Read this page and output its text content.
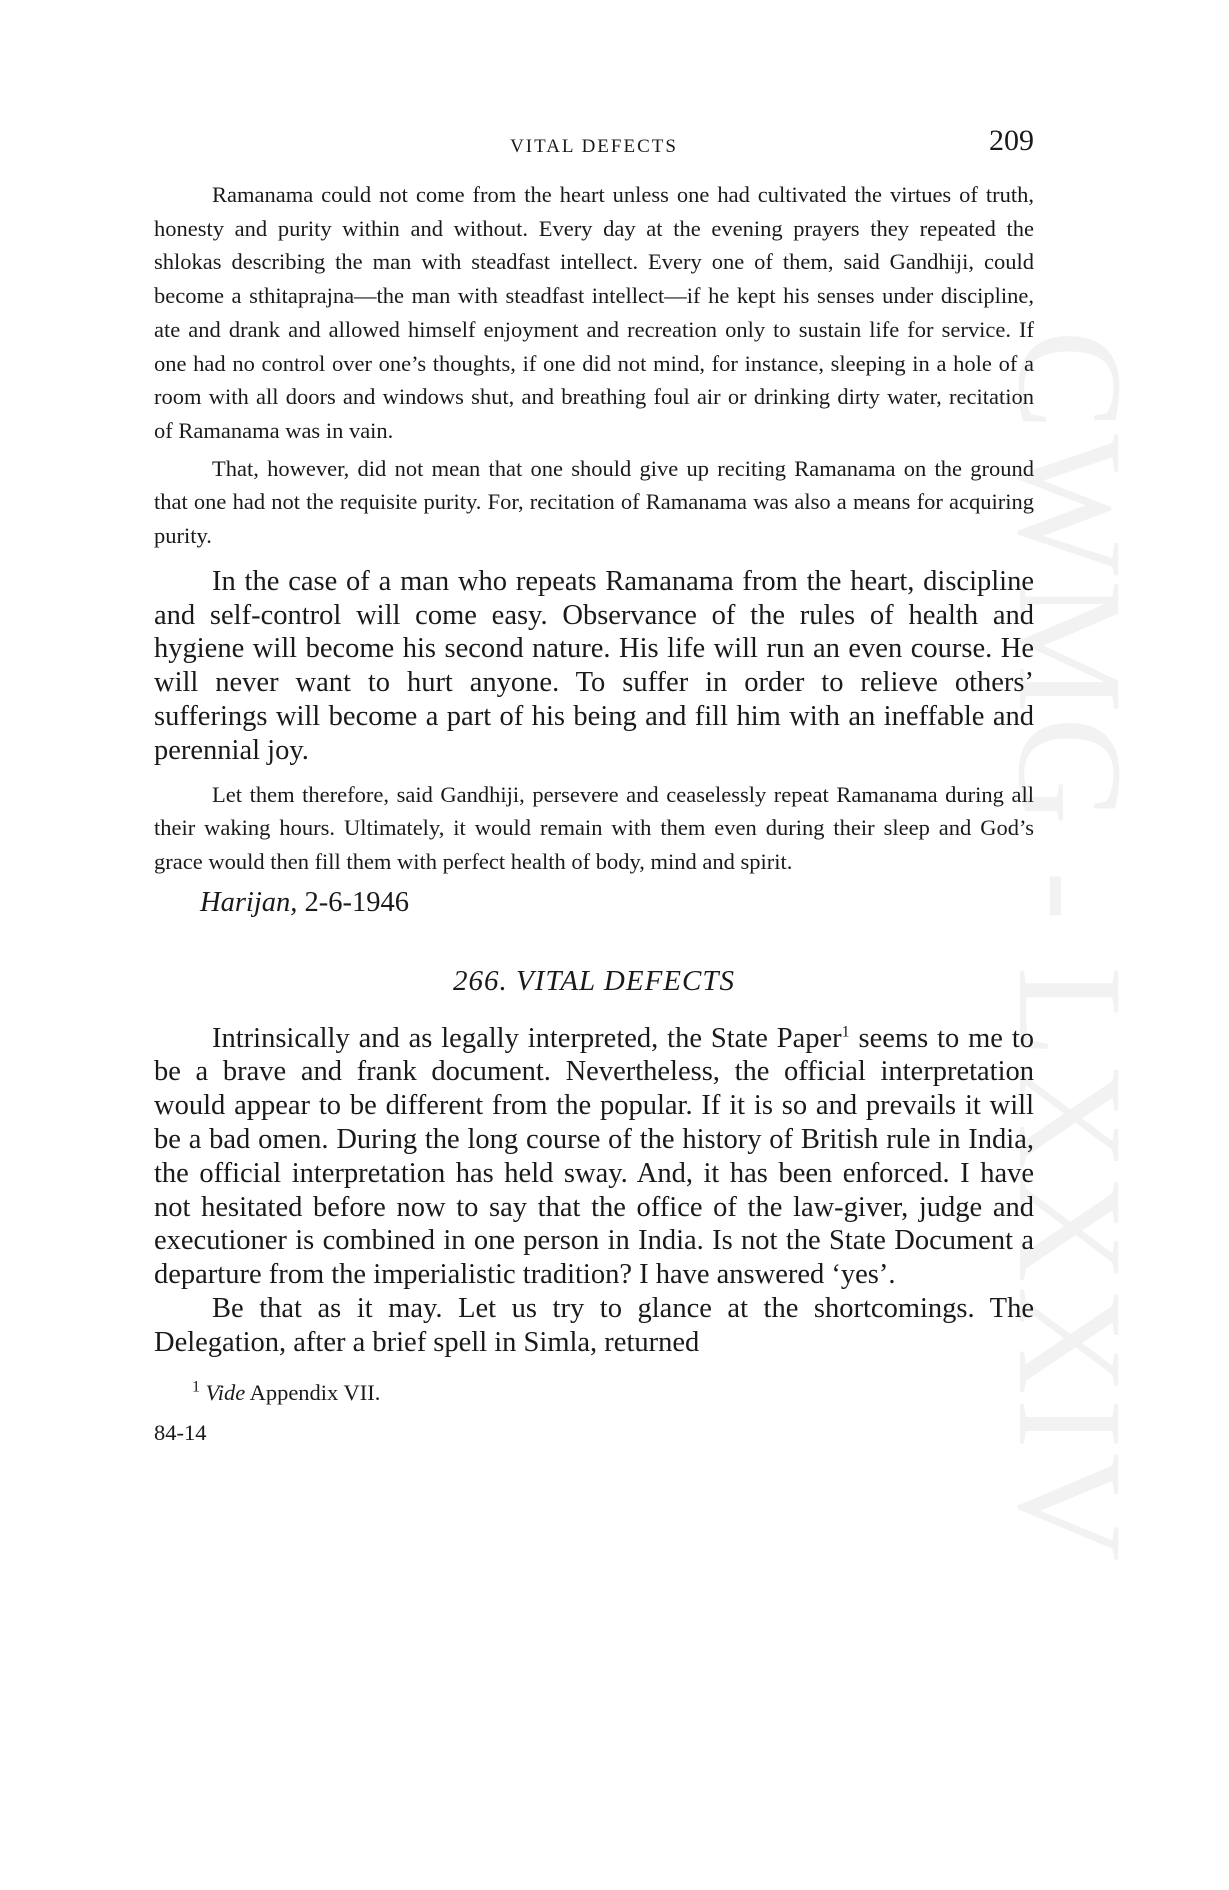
CWMG - LXXXIV
VITAL DEFECTS	209

Ramanama could not come from the heart unless one had cultivated the virtues of truth, honesty and purity within and without. Every day at the evening prayers they repeated the shlokas describing the man with steadfast intellect. Every one of them, said Gandhiji, could become a sthitaprajna—the man with steadfast intellect—if he kept his senses under discipline, ate and drank and allowed himself enjoyment and recreation only to sustain life for service. If one had no control over one’s thoughts, if one did not mind, for instance, sleeping in a hole of a room with all doors and windows shut, and breathing foul air or drinking dirty water, recitation of Ramanama was in vain.

That, however, did not mean that one should give up reciting Ramanama on the ground that one had not the requisite purity. For, recitation of Ramanama was also a means for acquiring purity.

In the case of a man who repeats Ramanama from the heart, discipline and self-control will come easy. Observance of the rules of health and hygiene will become his second nature. His life will run an even course. He will never want to hurt anyone. To suffer in order to relieve others’ sufferings will become a part of his being and fill him with an ineffable and perennial joy.

Let them therefore, said Gandhiji, persevere and ceaselessly repeat Ramanama during all their waking hours. Ultimately, it would remain with them even during their sleep and God’s grace would then fill them with perfect health of body, mind and spirit.

Harijan, 2-6-1946

266. VITAL DEFECTS

Intrinsically and as legally interpreted, the State Paper$^1$ seems to me to be a brave and frank document. Nevertheless, the official interpretation would appear to be different from the popular. If it is so and prevails it will be a bad omen. During the long course of the history of British rule in India, the official interpretation has held sway. And, it has been enforced. I have not hesitated before now to say that the office of the law-giver, judge and executioner is combined in one person in India. Is not the State Document a departure from the imperialistic tradition? I have answered ‘yes’.

Be that as it may. Let us try to glance at the shortcomings. The Delegation, after a brief spell in Simla, returned

$^1$ Vide Appendix VII.
84-14
